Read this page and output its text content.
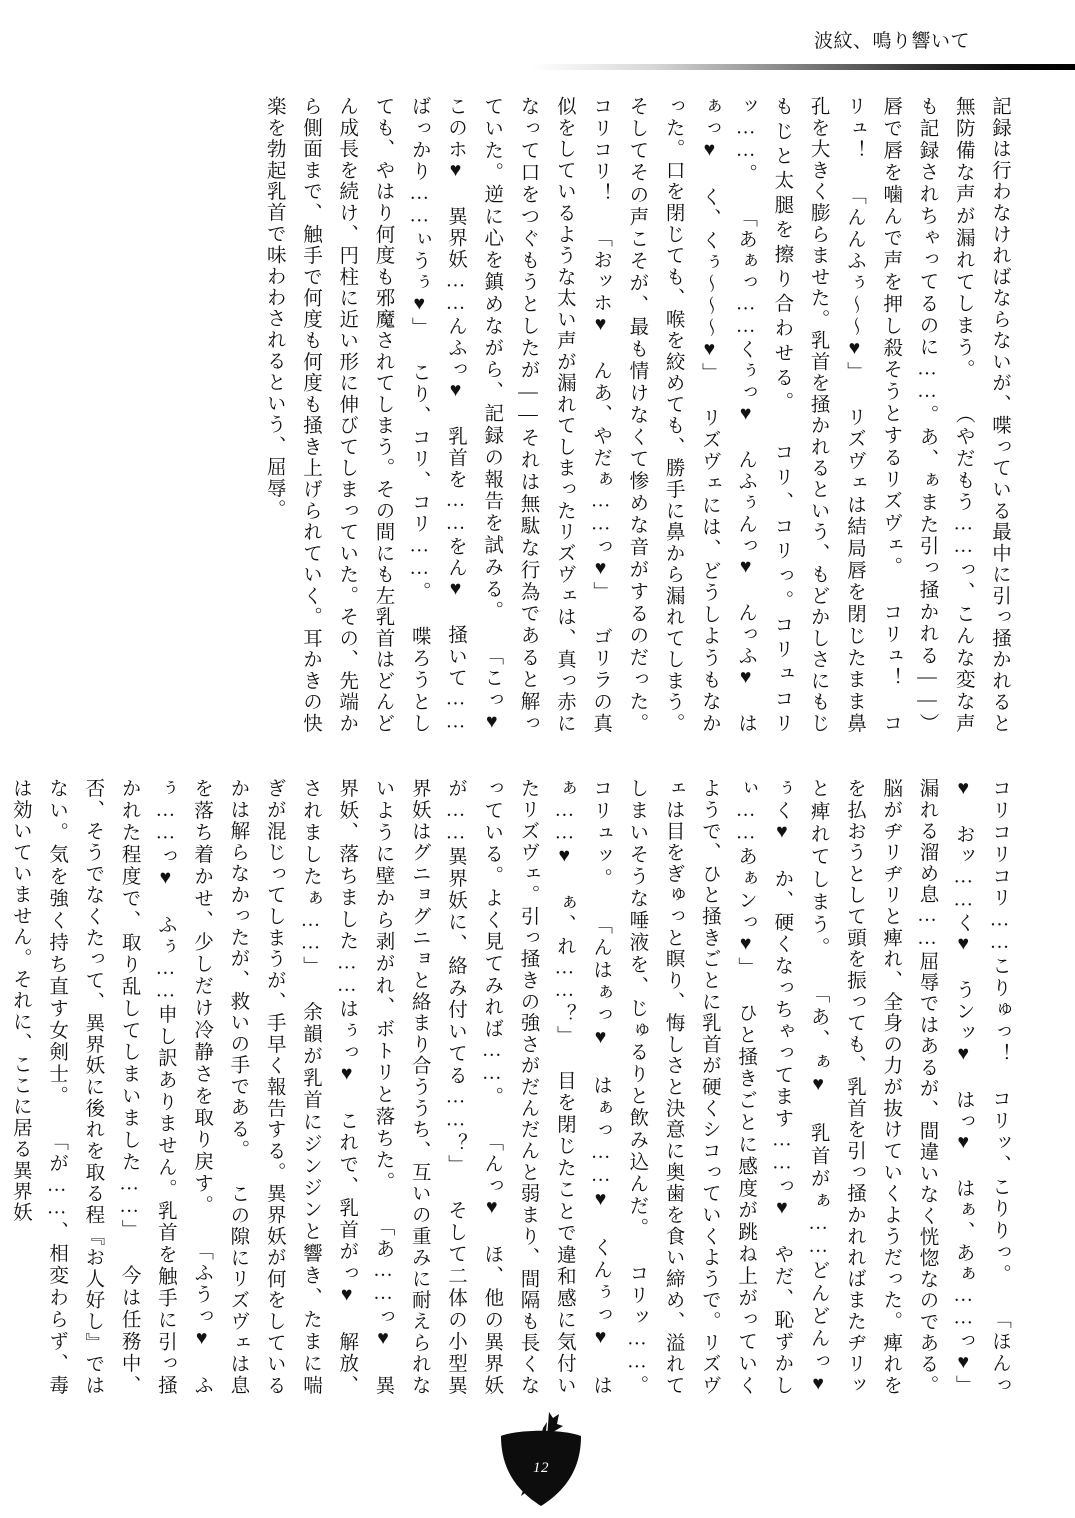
波紋、鳴り響いて

記録は行わなければならないが、喋っている最中に引っ掻かれると無防備な声が漏れてしまう。 （やだもう……っ、こんな変な声も記録されちゃってるのに……。あ、ぁまた引っ掻かれる――） 唇で唇を噛んで声を押し殺そうとするリズヴェ。 コリュ！ コリュ！ 「んんふぅ～～♥」 リズヴェは結局唇を閉じたまま鼻孔を大きく膨らませた。乳首を掻かれるという、もどかしさにもじもじと太腿を擦り合わせる。 コリ、コリっ。コリュコリッ……。 「あぁっ……くぅっ♥ んふぅんっ♥ んっふ♥ はぁっ♥ く、くぅ～～～♥」 リズヴェには、どうしようもなかった。口を閉じても、喉を絞めても、勝手に鼻から漏れてしまう。そしてその声こそが、最も情けなくて惨めな音がするのだった。 コリコリ！ 「おッホ♥ んあ、やだぁ……っ♥」 ゴリラの真似をしているような太い声が漏れてしまったリズヴェは、真っ赤になって口をつぐもうとしたが――それは無駄な行為であると解っていた。逆に心を鎮めながら、記録の報告を試みる。 「こっ♥ このホ♥ 異界妖……んふっ♥ 乳首を……をん♥ 掻いて……ばっかり……ぃうぅ♥」 こり、コリ、コリ……。 喋ろうとしても、やはり何度も邪魔されてしまう。その間にも左乳首はどんどん成長を続け、円柱に近い形に伸びてしまっていた。その、先端から側面まで、触手で何度も何度も掻き上げられていく。耳かきの快楽を勃起乳首で味わわされるという、屈辱。

コリコリコリ……こりゅっ！ コリッ、こりりっ。 「ほんっ♥ おッ……く♥ うンッ♥ はっ♥ はぁ、あぁ……っ♥」 漏れる溜め息……屈辱ではあるが、間違いなく恍惚なのである。脳がヂリヂリと痺れ、全身の力が抜けていくようだった。痺れをを払おうとして頭を振っても、乳首を引っ掻かれればまたヂリッと痺れてしまう。 「あ、ぁ♥ 乳首がぁ……どんどんっ♥ ぅく♥ か、硬くなっちゃってます……っ♥ やだ、恥ずかしぃ……あぁンっ♥」 ひと掻きごとに感度が跳ね上がっていくようで、ひと掻きごとに乳首が硬くシコっていくようで。リズヴェは目をぎゅっと瞑り、悔しさと決意に奥歯を食い締め、溢れてしまいそうな唾液を、じゅるりと飲み込んだ。 コリッ……。コリュッ。 「んはぁっ♥ はぁっ……♥ くんぅっ♥ はぁ……♥ ぁ、れ……？」 目を閉じたことで違和感に気付いたリズヴェ。引っ掻きの強さがだんだんと弱まり、間隔も長くなっている。よく見てみれば……。 「んっ♥ ほ、他の異界妖が……異界妖に、絡み付いてる……？」 そして二体の小型異界妖はグニョグニョと絡まり合ううち、互いの重みに耐えられないように壁から剥がれ、ボトリと落ちた。 「あ……っ♥ 異界妖、落ちました……はぅっ♥ これで、乳首がっ♥ 解放、されましたぁ……」 余韻が乳首にジンジンと響き、たまに喘ぎが混じってしまうが、手早く報告する。異界妖が何をしているかは解らなかったが、救いの手である。 この隙にリズヴェは息を落ち着かせ、少しだけ冷静さを取り戻す。 「ふうっ♥ ふぅ……っ♥ ふぅ……申し訳ありません。乳首を触手に引っ掻かれた程度で、取り乱してしまいました……」 今は任務中、否、そうでなくたって、異界妖に後れを取る程『お人好し』ではない。気を強く持ち直す女剣士。 「が……、相変わらず、毒は効いていません。それに、ここに居る異界妖

12
